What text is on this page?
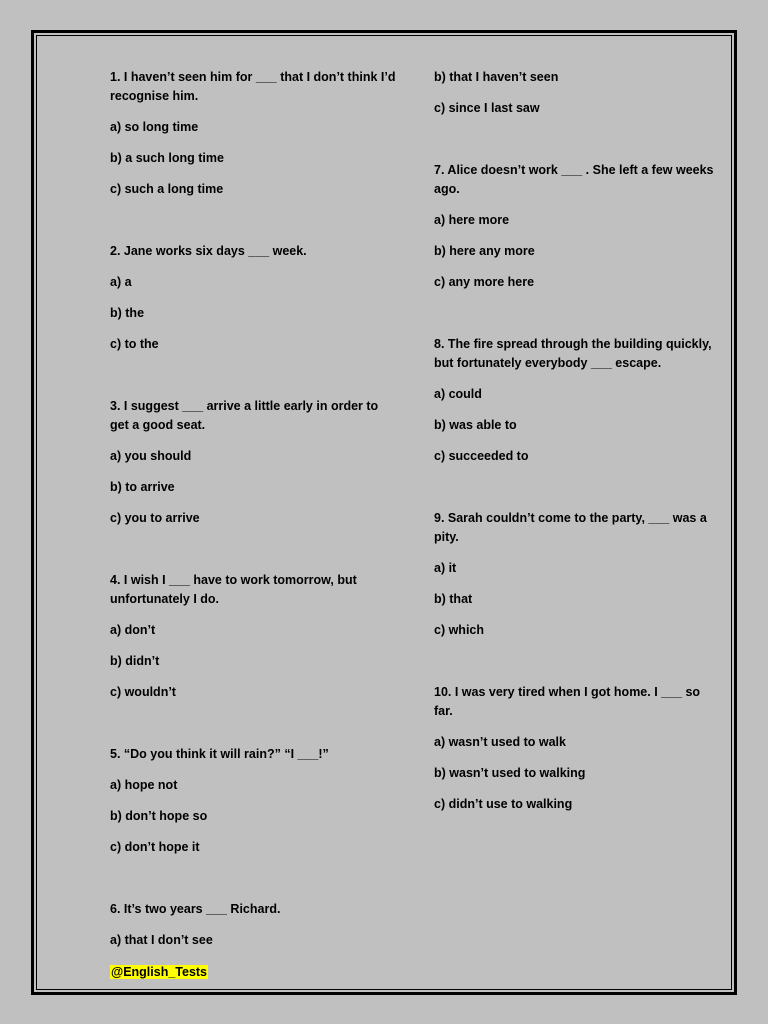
1. I haven’t seen him for ___ that I don’t think I’d recognise him.
a) so long time
b) a such long time
c) such a long time
2. Jane works six days ___ week.
a) a
b) the
c) to the
3. I suggest ___ arrive a little early in order to get a good seat.
a) you should
b) to arrive
c) you to arrive
4. I wish I ___ have to work tomorrow, but unfortunately I do.
a) don’t
b) didn’t
c) wouldn’t
5. “Do you think it will rain?” “I ___!”
a) hope not
b) don’t hope so
c) don’t hope it
6. It’s two years ___ Richard.
a) that I don’t see
b) that I haven’t seen
c) since I last saw
7. Alice doesn’t work ___ . She left a few weeks ago.
a) here more
b) here any more
c) any more here
8. The fire spread through the building quickly, but fortunately everybody ___ escape.
a) could
b) was able to
c) succeeded to
9. Sarah couldn’t come to the party, ___ was a pity.
a) it
b) that
c) which
10. I was very tired when I got home. I ___ so far.
a) wasn’t used to walk
b) wasn’t used to walking
c) didn’t use to walking
@English_Tests
